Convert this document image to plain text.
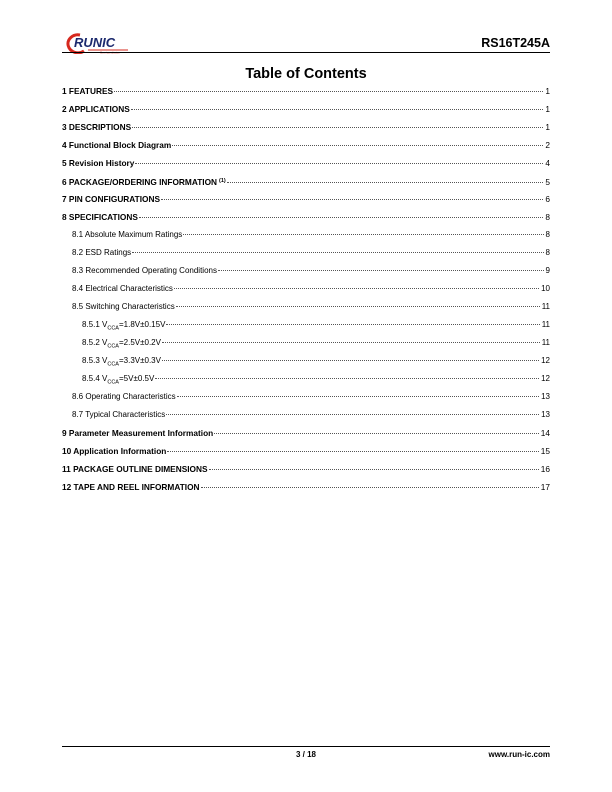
RUNIC
Semiconductor

RS16T245A

Table of Contents
1 FEATURES	1
2 APPLICATIONS	1
3 DESCRIPTIONS	1
4 Functional Block Diagram	2
5 Revision History	4
6 PACKAGE/ORDERING INFORMATION $^{(1)}$	5
7 PIN CONFIGURATIONS	6
8 SPECIFICATIONS	8
8.1 Absolute Maximum Ratings	8
8.2 ESD Ratings	8
8.3 Recommended Operating Conditions	9
8.4 Electrical Characteristics	10
8.5 Switching Characteristics	11
8.5.1 $V_{CCA}=1.8V\pm 0.15V$	11
8.5.2 $V_{CCA}=2.5V\pm 0.2V$	11
8.5.3 $V_{CCA}=3.3V\pm 0.3V$	12
8.5.4 $V_{CCA}=5V\pm 0.5V$	12
8.6 Operating Characteristics	13
8.7 Typical Characteristics	13
9 Parameter Measurement Information	14
10 Application Information	15
11 PACKAGE OUTLINE DIMENSIONS	16
12 TAPE AND REEL INFORMATION	17

3 / 18	www.run-ic.com
